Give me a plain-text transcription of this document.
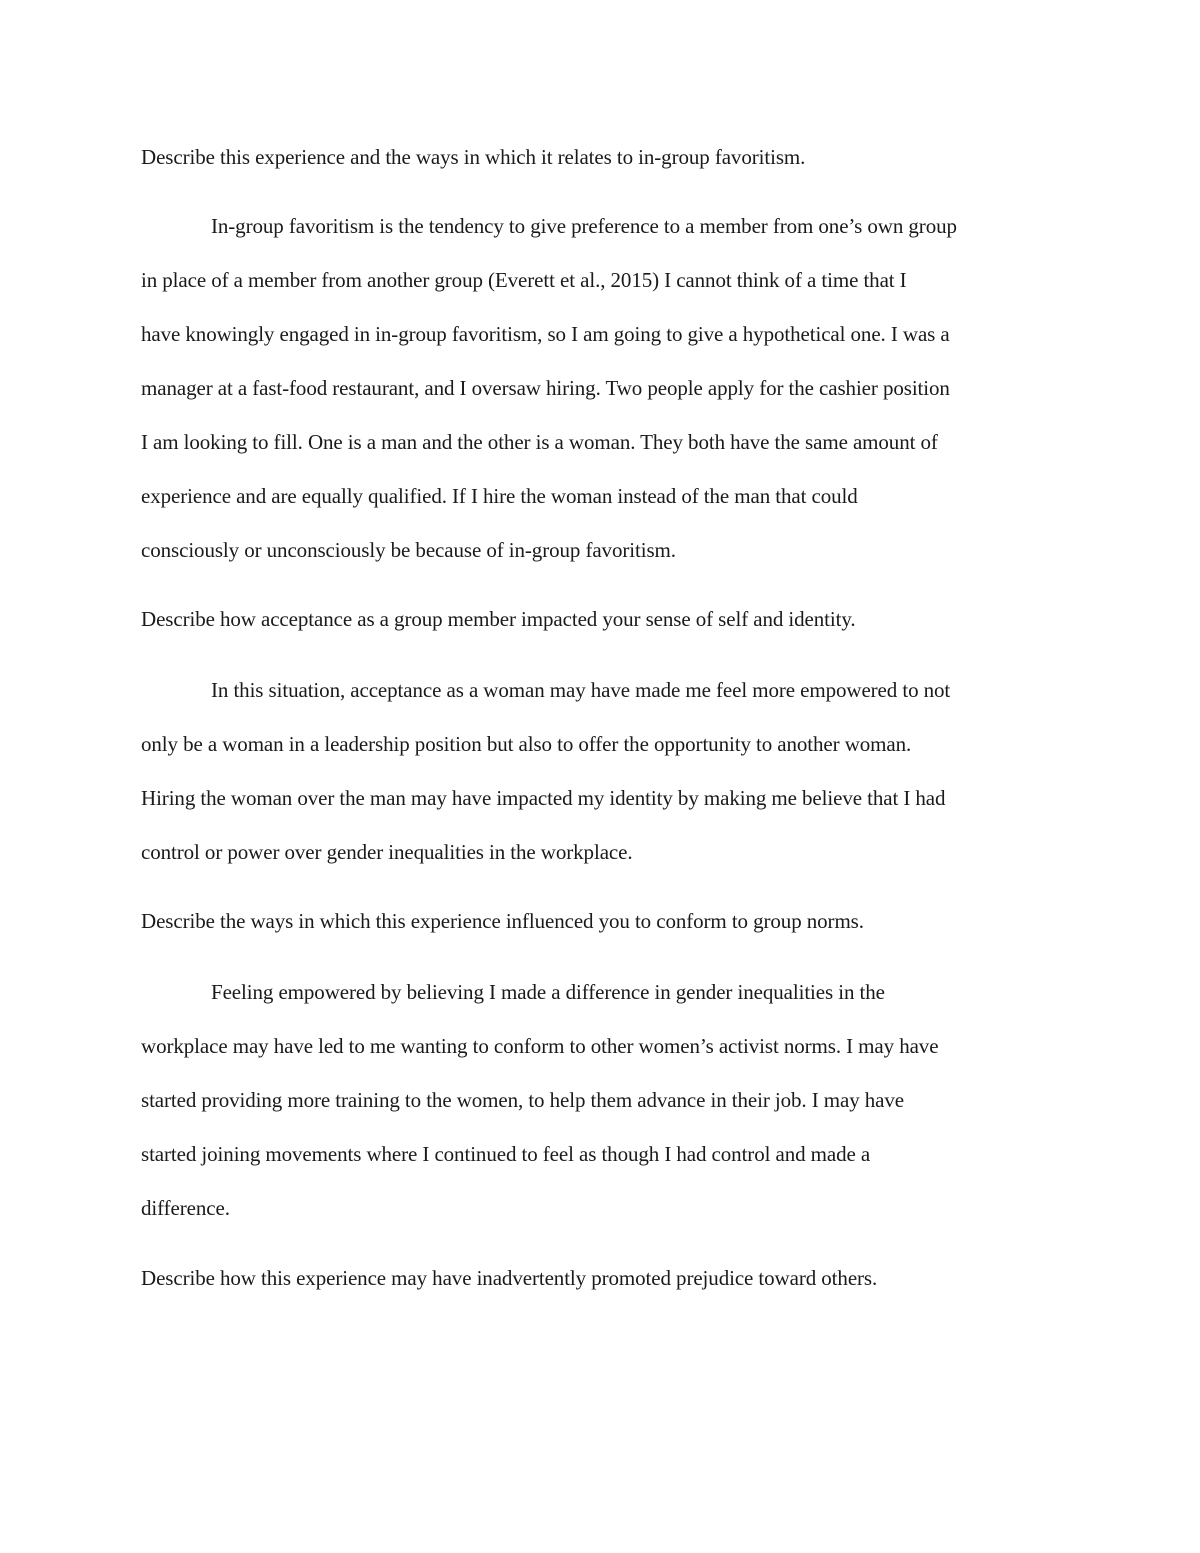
Describe this experience and the ways in which it relates to in-group favoritism.
In-group favoritism is the tendency to give preference to a member from one’s own group
in place of a member from another group (Everett et al., 2015) I cannot think of a time that I
have knowingly engaged in in-group favoritism, so I am going to give a hypothetical one. I was a
manager at a fast-food restaurant, and I oversaw hiring. Two people apply for the cashier position
I am looking to fill. One is a man and the other is a woman. They both have the same amount of
experience and are equally qualified. If I hire the woman instead of the man that could
consciously or unconsciously be because of in-group favoritism.
Describe how acceptance as a group member impacted your sense of self and identity.
In this situation, acceptance as a woman may have made me feel more empowered to not
only be a woman in a leadership position but also to offer the opportunity to another woman.
Hiring the woman over the man may have impacted my identity by making me believe that I had
control or power over gender inequalities in the workplace.
Describe the ways in which this experience influenced you to conform to group norms.
Feeling empowered by believing I made a difference in gender inequalities in the
workplace may have led to me wanting to conform to other women’s activist norms. I may have
started providing more training to the women, to help them advance in their job. I may have
started joining movements where I continued to feel as though I had control and made a
difference.
Describe how this experience may have inadvertently promoted prejudice toward others.
